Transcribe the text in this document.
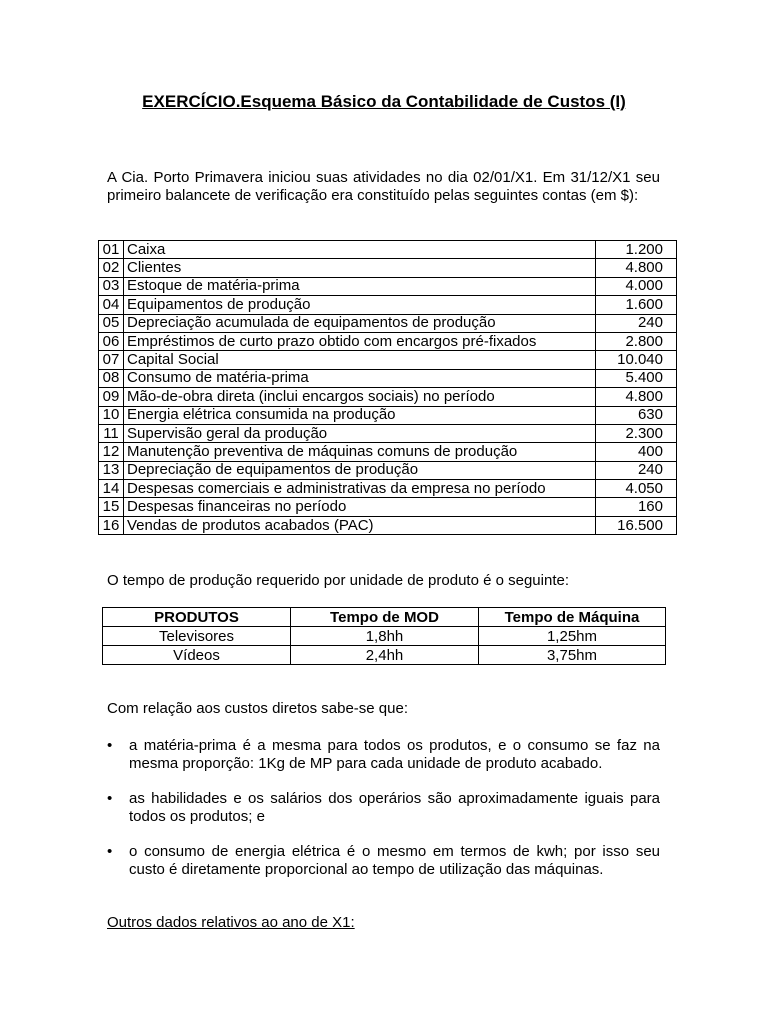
EXERCÍCIO.Esquema Básico da Contabilidade de Custos (I)
A Cia. Porto Primavera iniciou suas atividades no dia 02/01/X1. Em 31/12/X1 seu primeiro balancete de verificação era constituído pelas seguintes contas (em $):
01	Caixa	1.200
02	Clientes	4.800
03	Estoque de matéria-prima	4.000
04	Equipamentos de produção	1.600
05	Depreciação acumulada de equipamentos de produção	240
06	Empréstimos de curto prazo obtido com encargos pré-fixados	2.800
07	Capital Social	10.040
08	Consumo de matéria-prima	5.400
09	Mão-de-obra direta (inclui encargos sociais) no período	4.800
10	Energia elétrica consumida na produção	630
11	Supervisão geral da produção	2.300
12	Manutenção preventiva de máquinas comuns de produção	400
13	Depreciação de equipamentos de produção	240
14	Despesas comerciais e administrativas da empresa no período	4.050
15	Despesas financeiras no período	160
16	Vendas de produtos acabados (PAC)	16.500
O tempo de produção requerido por unidade de produto é o seguinte:
PRODUTOS	Tempo de MOD	Tempo de Máquina
Televisores	1,8hh	1,25hm
Vídeos	2,4hh	3,75hm
Com relação aos custos diretos sabe-se que:
• a matéria-prima é a mesma para todos os produtos, e o consumo se faz na mesma proporção: 1Kg de MP para cada unidade de produto acabado.
• as habilidades e os salários dos operários são aproximadamente iguais para todos os produtos; e
• o consumo de energia elétrica é o mesmo em termos de kwh; por isso seu custo é diretamente proporcional ao tempo de utilização das máquinas.
Outros dados relativos ao ano de X1:
